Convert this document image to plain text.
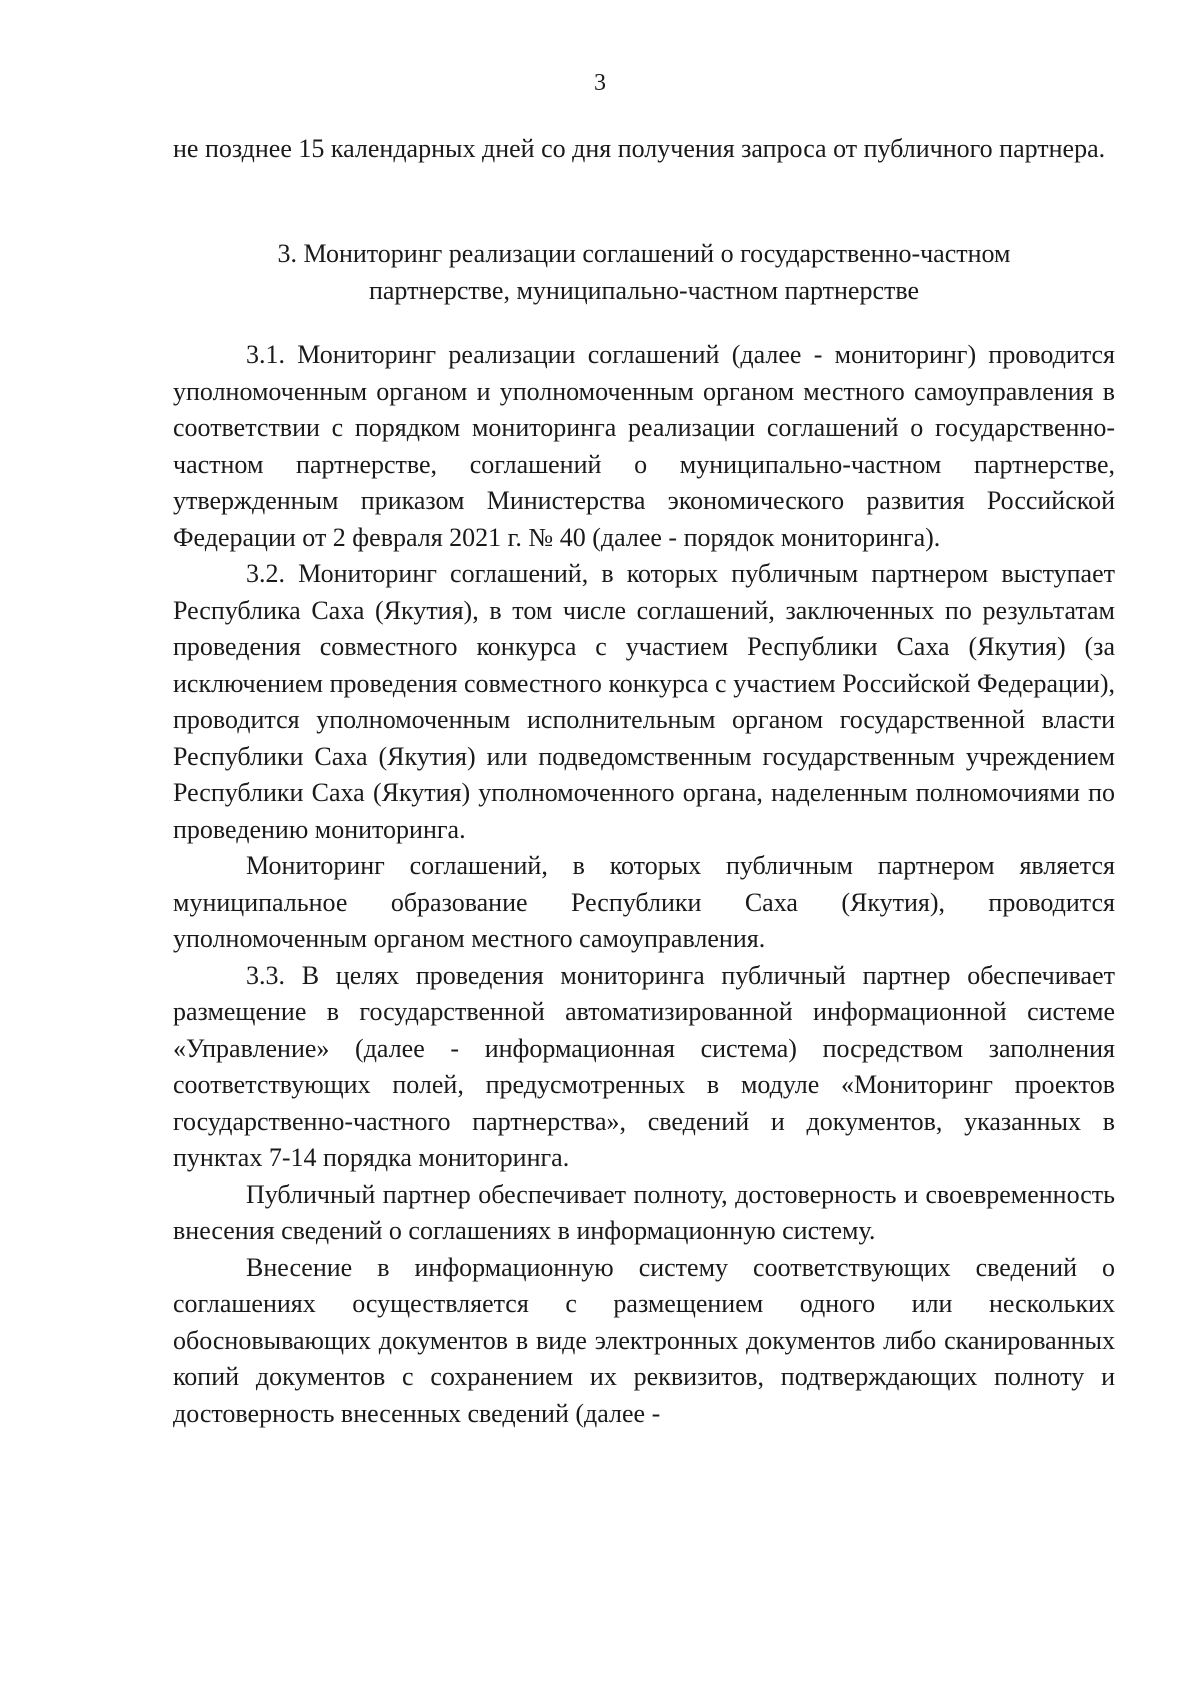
3

не позднее 15 календарных дней со дня получения запроса от публичного партнера.

3. Мониторинг реализации соглашений о государственно-частном
партнерстве, муниципально-частном партнерстве

3.1. Мониторинг реализации соглашений (далее - мониторинг) проводится уполномоченным органом и уполномоченным органом местного самоуправления в соответствии с порядком мониторинга реализации соглашений о государственно-частном партнерстве, соглашений о муниципально-частном партнерстве, утвержденным приказом Министерства экономического развития Российской Федерации от 2 февраля 2021 г. № 40 (далее - порядок мониторинга).

3.2. Мониторинг соглашений, в которых публичным партнером выступает Республика Саха (Якутия), в том числе соглашений, заключенных по результатам проведения совместного конкурса с участием Республики Саха (Якутия) (за исключением проведения совместного конкурса с участием Российской Федерации), проводится уполномоченным исполнительным органом государственной власти Республики Саха (Якутия) или подведомственным государственным учреждением Республики Саха (Якутия) уполномоченного органа, наделенным полномочиями по проведению мониторинга.

Мониторинг соглашений, в которых публичным партнером является муниципальное образование Республики Саха (Якутия), проводится уполномоченным органом местного самоуправления.

3.3. В целях проведения мониторинга публичный партнер обеспечивает размещение в государственной автоматизированной информационной системе «Управление» (далее - информационная система) посредством заполнения соответствующих полей, предусмотренных в модуле «Мониторинг проектов государственно-частного партнерства», сведений и документов, указанных в пунктах 7-14 порядка мониторинга.

Публичный партнер обеспечивает полноту, достоверность и своевременность внесения сведений о соглашениях в информационную систему.

Внесение в информационную систему соответствующих сведений о соглашениях осуществляется с размещением одного или нескольких обосновывающих документов в виде электронных документов либо сканированных копий документов с сохранением их реквизитов, подтверждающих полноту и достоверность внесенных сведений (далее -
